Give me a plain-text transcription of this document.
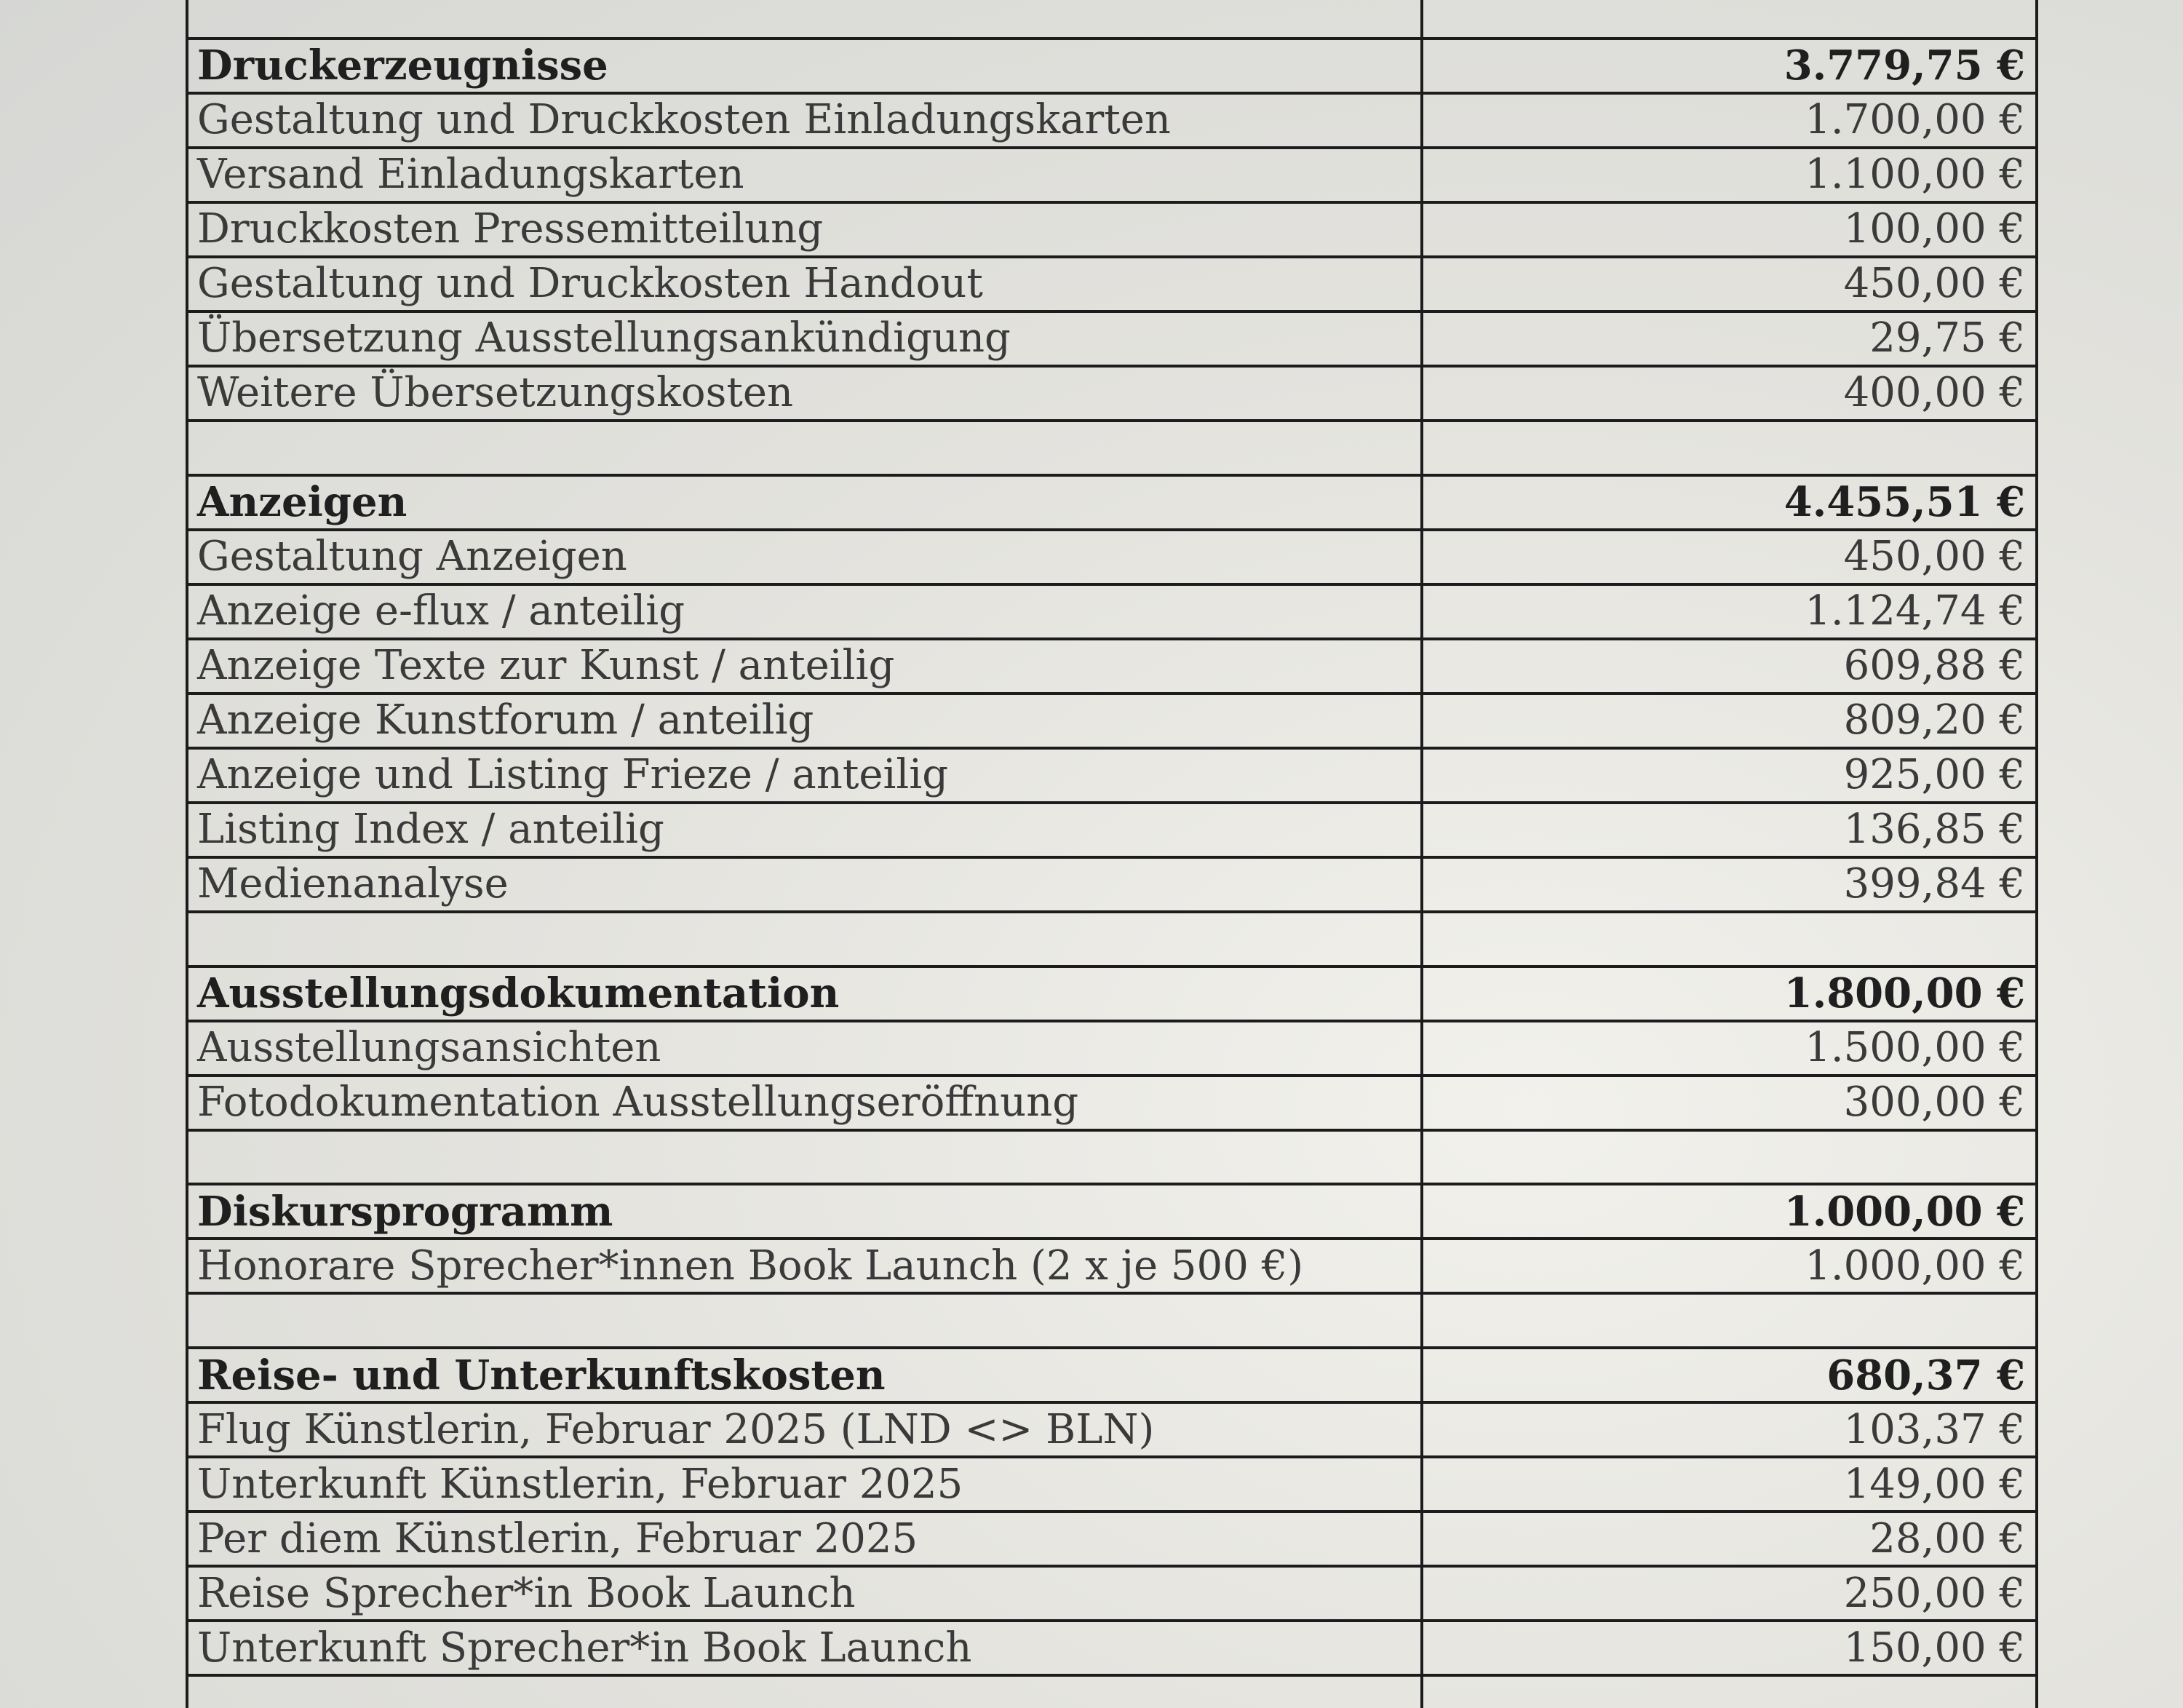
Druckerzeugnisse	3.779,75 €
Gestaltung und Druckkosten Einladungskarten	1.700,00 €
Versand Einladungskarten	1.100,00 €
Druckkosten Pressemitteilung	100,00 €
Gestaltung und Druckkosten Handout	450,00 €
Übersetzung Ausstellungsankündigung	29,75 €
Weitere Übersetzungskosten	400,00 €

Anzeigen	4.455,51 €
Gestaltung Anzeigen	450,00 €
Anzeige e-flux / anteilig	1.124,74 €
Anzeige Texte zur Kunst / anteilig	609,88 €
Anzeige Kunstforum / anteilig	809,20 €
Anzeige und Listing Frieze / anteilig	925,00 €
Listing Index / anteilig	136,85 €
Medienanalyse	399,84 €

Ausstellungsdokumentation	1.800,00 €
Ausstellungsansichten	1.500,00 €
Fotodokumentation Ausstellungseröffnung	300,00 €

Diskursprogramm	1.000,00 €
Honorare Sprecher*innen Book Launch (2 x je 500 €)	1.000,00 €

Reise- und Unterkunftskosten	680,37 €
Flug Künstlerin, Februar 2025 (LND <> BLN)	103,37 €
Unterkunft Künstlerin, Februar 2025	149,00 €
Per diem Künstlerin, Februar 2025	28,00 €
Reise Sprecher*in Book Launch	250,00 €
Unterkunft Sprecher*in Book Launch	150,00 €
